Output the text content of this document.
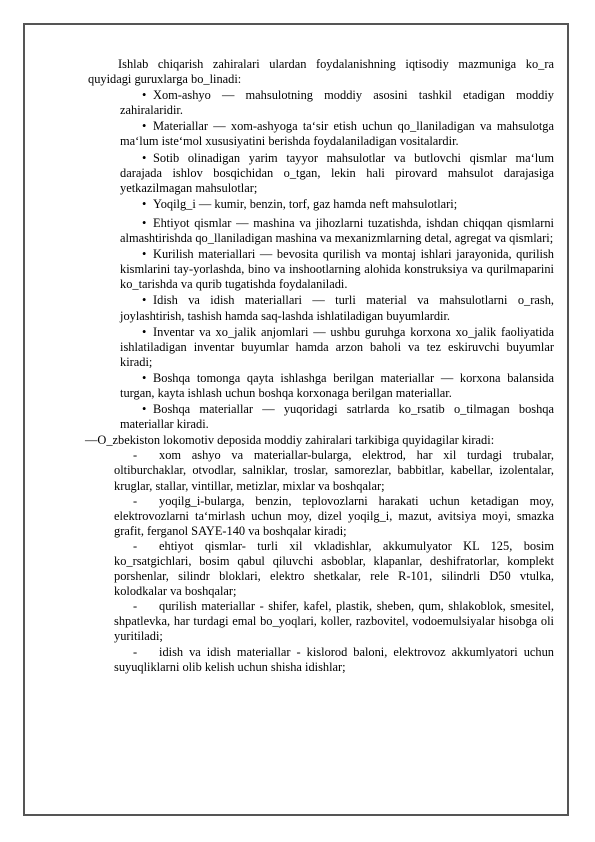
Ishlab chiqarish zahiralari ulardan foydalanishning iqtisodiy mazmuniga ko_ra quyidagi guruxlarga bo_linadi:

• Xom-ashyo — mahsulotning moddiy asosini tashkil etadigan moddiy zahiralaridir.

• Materiallar — xom-ashyoga ta‘sir etish uchun qo_llaniladigan va mahsulotga ma‘lum iste‘mol xususiyatini berishda foydalaniladigan vositalardir.

• Sotib olinadigan yarim tayyor mahsulotlar va butlovchi qismlar ma‘lum darajada ishlov bosqichidan o_tgan, lekin hali pirovard mahsulot darajasiga yetkazilmagan mahsulotlar;

• Yoqilg_i — kumir, benzin, torf, gaz hamda neft mahsulotlari;

• Ehtiyot qismlar — mashina va jihozlarni tuzatishda, ishdan chiqqan qismlarni almashtirishda qo_llaniladigan mashina va mexanizmlarning detal, agregat va qismlari;

• Kurilish materiallari — bevosita qurilish va montaj ishlari jarayonida, qurilish kismlarini tay-yorlashda, bino va inshootlarning alohida konstruksiya va qurilmaparini ko_tarishda va qurib tugatishda foydalaniladi.

• Idish va idish materiallari — turli material va mahsulotlarni o_rash, joylashtirish, tashish hamda saq-lashda ishlatiladigan buyumlardir.

• Inventar va xo_jalik anjomlari — ushbu guruhga korxona xo_jalik faoliyatida ishlatiladigan inventar buyumlar hamda arzon baholi va tez eskiruvchi buyumlar kiradi;

• Boshqa tomonga qayta ishlashga berilgan materiallar — korxona balansida turgan, kayta ishlash uchun boshqa korxonaga berilgan materiallar.

• Boshqa materiallar — yuqoridagi satrlarda ko_rsatib o_tilmagan boshqa materiallar kiradi.

—O_zbekiston lokomotiv deposida moddiy zahiralari tarkibiga quyidagilar kiradi:

- xom ashyo va materiallar-bularga, elektrod, har xil turdagi trubalar, oltiburchaklar, otvodlar, salniklar, troslar, samorezlar, babbitlar, kabellar, izolentalar, kruglar, stallar, vintillar, metizlar, mixlar va boshqalar;

- yoqilg_i-bularga, benzin, teplovozlarni harakati uchun ketadigan moy, elektrovozlarni ta‘mirlash uchun moy, dizel yoqilg_i, mazut, avitsiya moyi, smazka grafit, ferganol SAYE-140 va boshqalar kiradi;

- ehtiyot qismlar- turli xil vkladishlar, akkumulyator KL 125, bosim ko_rsatgichlari, bosim qabul qiluvchi asboblar, klapanlar, deshifratorlar, komplekt porshenlar, silindr bloklari, elektro shetkalar, rele R-101, silindrli D50 vtulka, kolodkalar va boshqalar;

- qurilish materiallar - shifer, kafel, plastik, sheben, qum, shlakoblok, smesitel, shpatlevka, har turdagi emal bo_yoqlari, koller, razbovitel, vodoemulsiyalar hisobga oli yuritiladi;

- idish va idish materiallar - kislorod baloni, elektrovoz akkumlyatori uchun suyuqliklarni olib kelish uchun shisha idishlar;
